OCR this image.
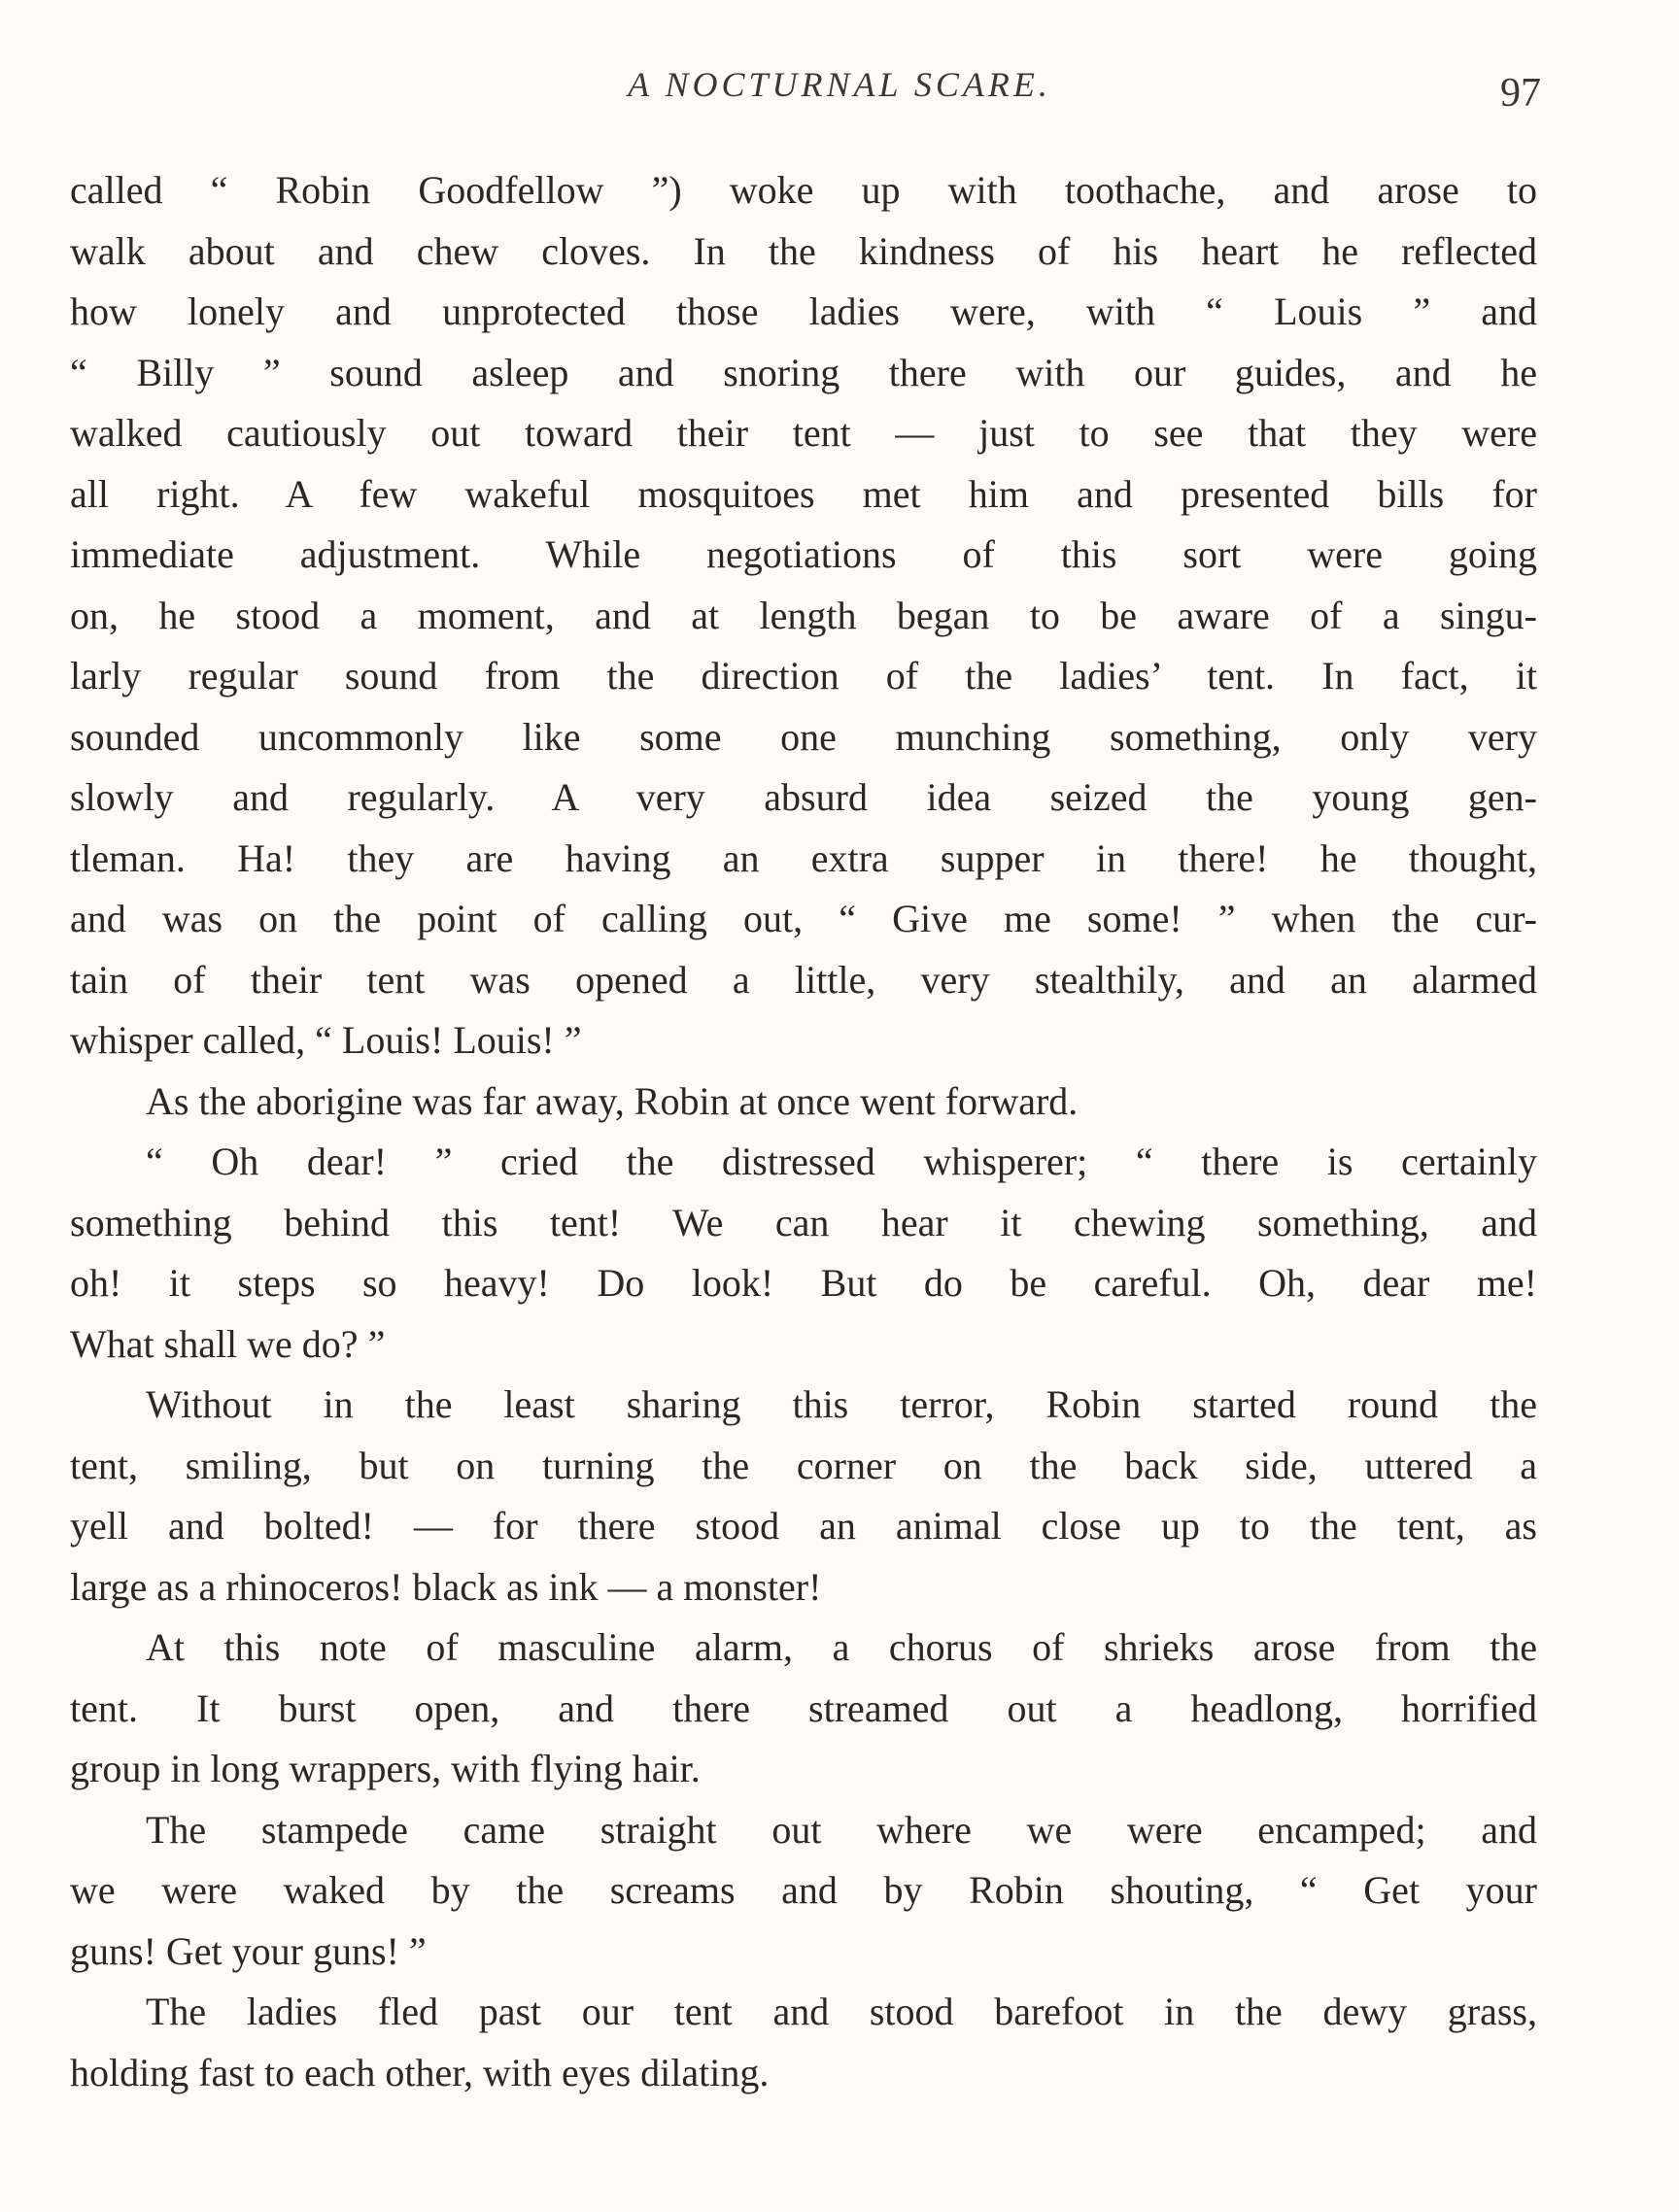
A NOCTURNAL SCARE.	97
called “ Robin Goodfellow ”) woke up with toothache, and arose to
walk about and chew cloves. In the kindness of his heart he reflected
how lonely and unprotected those ladies were, with “ Louis ” and
“ Billy ” sound asleep and snoring there with our guides, and he
walked cautiously out toward their tent — just to see that they were
all right. A few wakeful mosquitoes met him and presented bills for
immediate adjustment. While negotiations of this sort were going
on, he stood a moment, and at length began to be aware of a singu-
larly regular sound from the direction of the ladies’ tent. In fact, it
sounded uncommonly like some one munching something, only very
slowly and regularly. A very absurd idea seized the young gen-
tleman. Ha! they are having an extra supper in there! he thought,
and was on the point of calling out, “ Give me some! ” when the cur-
tain of their tent was opened a little, very stealthily, and an alarmed
whisper called, “ Louis! Louis! ”
As the aborigine was far away, Robin at once went forward.
“ Oh dear! ” cried the distressed whisperer; “ there is certainly
something behind this tent! We can hear it chewing something, and
oh! it steps so heavy! Do look! But do be careful. Oh, dear me!
What shall we do? ”
Without in the least sharing this terror, Robin started round the
tent, smiling, but on turning the corner on the back side, uttered a
yell and bolted! — for there stood an animal close up to the tent, as
large as a rhinoceros! black as ink — a monster!
At this note of masculine alarm, a chorus of shrieks arose from the
tent. It burst open, and there streamed out a headlong, horrified
group in long wrappers, with flying hair.
The stampede came straight out where we were encamped; and
we were waked by the screams and by Robin shouting, “ Get your
guns! Get your guns! ”
The ladies fled past our tent and stood barefoot in the dewy grass,
holding fast to each other, with eyes dilating.
